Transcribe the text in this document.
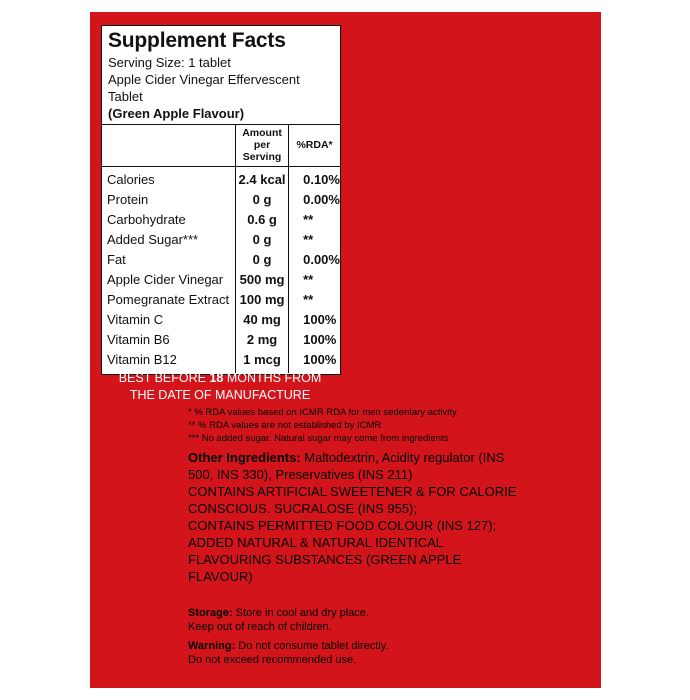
Supplement Facts
Serving Size: 1 tablet
Apple Cider Vinegar Effervescent Tablet
(Green Apple Flavour)
	Amount per Serving	%RDA*
Calories	2.4 kcal	0.10%
Protein	0 g	0.00%
Carbohydrate	0.6 g	**
Added Sugar***	0 g	**
Fat	0 g	0.00%
Apple Cider Vinegar	500 mg	**
Pomegranate Extract	100 mg	**
Vitamin C	40 mg	100%
Vitamin B6	2 mg	100%
Vitamin B12	1 mcg	100%
BEST BEFORE 18 MONTHS FROM
THE DATE OF MANUFACTURE
* % RDA values based on ICMR RDA for men sedentary activity
** % RDA values are not established by ICMR
*** No added sugar. Natural sugar may come from ingredients
Other Ingredients: Maltodextrin, Acidity regulator (INS 500, INS 330), Preservatives (INS 211)
CONTAINS ARTIFICIAL SWEETENER & FOR CALORIE CONSCIOUS. SUCRALOSE (INS 955);
CONTAINS PERMITTED FOOD COLOUR (INS 127);
ADDED NATURAL & NATURAL IDENTICAL FLAVOURING SUBSTANCES (GREEN APPLE FLAVOUR)
Storage: Store in cool and dry place.
Keep out of reach of children.
Warning: Do not consume tablet directly.
Do not exceed recommended use.
